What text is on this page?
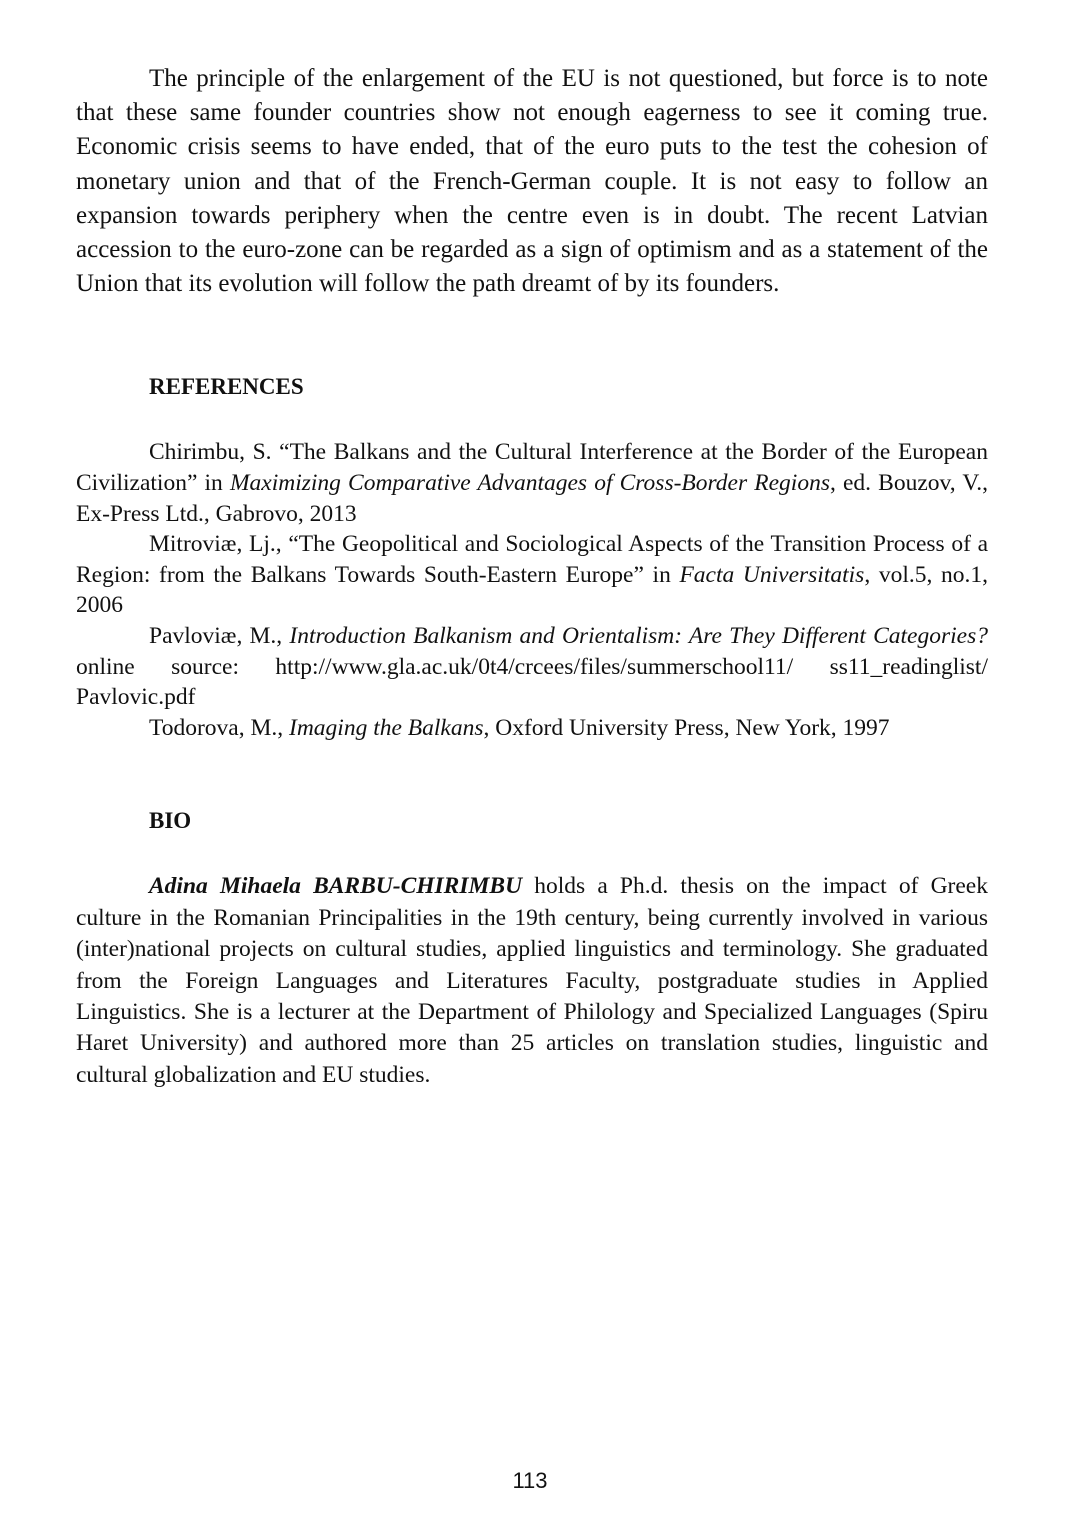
The principle of the enlargement of the EU is not questioned, but force is to note that these same founder countries show not enough eagerness to see it coming true. Economic crisis seems to have ended, that of the euro puts to the test the cohesion of monetary union and that of the French-German couple. It is not easy to follow an expansion towards periphery when the centre even is in doubt. The recent Latvian accession to the euro-zone can be regarded as a sign of optimism and as a statement of the Union that its evolution will follow the path dreamt of by its founders.

REFERENCES

Chirimbu, S. “The Balkans and the Cultural Interference at the Border of the European Civilization” in Maximizing Comparative Advantages of Cross-Border Regions, ed. Bouzov, V., Ex-Press Ltd., Gabrovo, 2013

Mitroviæ, Lj., “The Geopolitical and Sociological Aspects of the Transition Process of a Region: from the Balkans Towards South-Eastern Europe” in Facta Universitatis, vol.5, no.1, 2006

Pavloviæ, M., Introduction Balkanism and Orientalism: Are They Different Categories? online source: http://www.gla.ac.uk/0t4/crcees/files/summerschool11/ ss11_readinglist/ Pavlovic.pdf

Todorova, M., Imaging the Balkans, Oxford University Press, New York, 1997

BIO

Adina Mihaela BARBU-CHIRIMBU holds a Ph.d. thesis on the impact of Greek culture in the Romanian Principalities in the 19th century, being currently involved in various (inter)national projects on cultural studies, applied linguistics and terminology. She graduated from the Foreign Languages and Literatures Faculty, postgraduate studies in Applied Linguistics. She is a lecturer at the Department of Philology and Specialized Languages (Spiru Haret University) and authored more than 25 articles on translation studies, linguistic and cultural globalization and EU studies.

113
